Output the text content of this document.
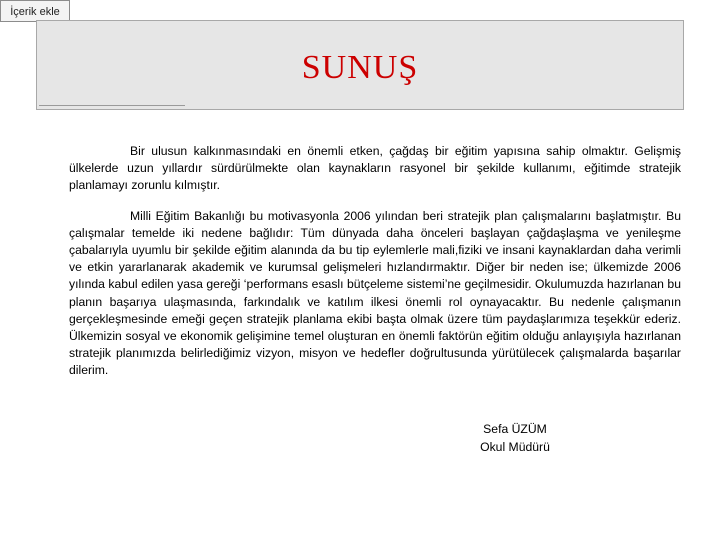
İçerik ekle
SUNUŞ

Bir ulusun kalkınmasındaki en önemli etken, çağdaş bir eğitim yapısına sahip olmaktır. Gelişmiş ülkelerde uzun yıllardır sürdürülmekte olan kaynakların rasyonel bir şekilde kullanımı, eğitimde stratejik planlamayı zorunlu kılmıştır.

Milli Eğitim Bakanlığı bu motivasyonla 2006 yılından beri stratejik plan çalışmalarını başlatmıştır. Bu çalışmalar temelde iki nedene bağlıdır: Tüm dünyada daha önceleri başlayan çağdaşlaşma ve yenileşme çabalarıyla uyumlu bir şekilde eğitim alanında da bu tip eylemlerle mali,fiziki ve insani kaynaklardan daha verimli ve etkin yararlanarak akademik ve kurumsal gelişmeleri hızlandırmaktır. Diğer bir neden ise; ülkemizde 2006 yılında kabul edilen yasa gereği ‘performans esaslı bütçeleme sistemi’ne geçilmesidir. Okulumuzda hazırlanan bu planın başarıya ulaşmasında, farkındalık ve katılım ilkesi önemli rol oynayacaktır. Bu nedenle çalışmanın gerçekleşmesinde emeği geçen stratejik planlama ekibi başta olmak üzere tüm paydaşlarımıza teşekkür ederiz. Ülkemizin sosyal ve ekonomik gelişimine temel oluşturan en önemli faktörün eğitim olduğu anlayışıyla hazırlanan stratejik planımızda belirlediğimiz vizyon, misyon ve hedefler doğrultusunda yürütülecek çalışmalarda başarılar dilerim.

Sefa ÜZÜM
Okul Müdürü
